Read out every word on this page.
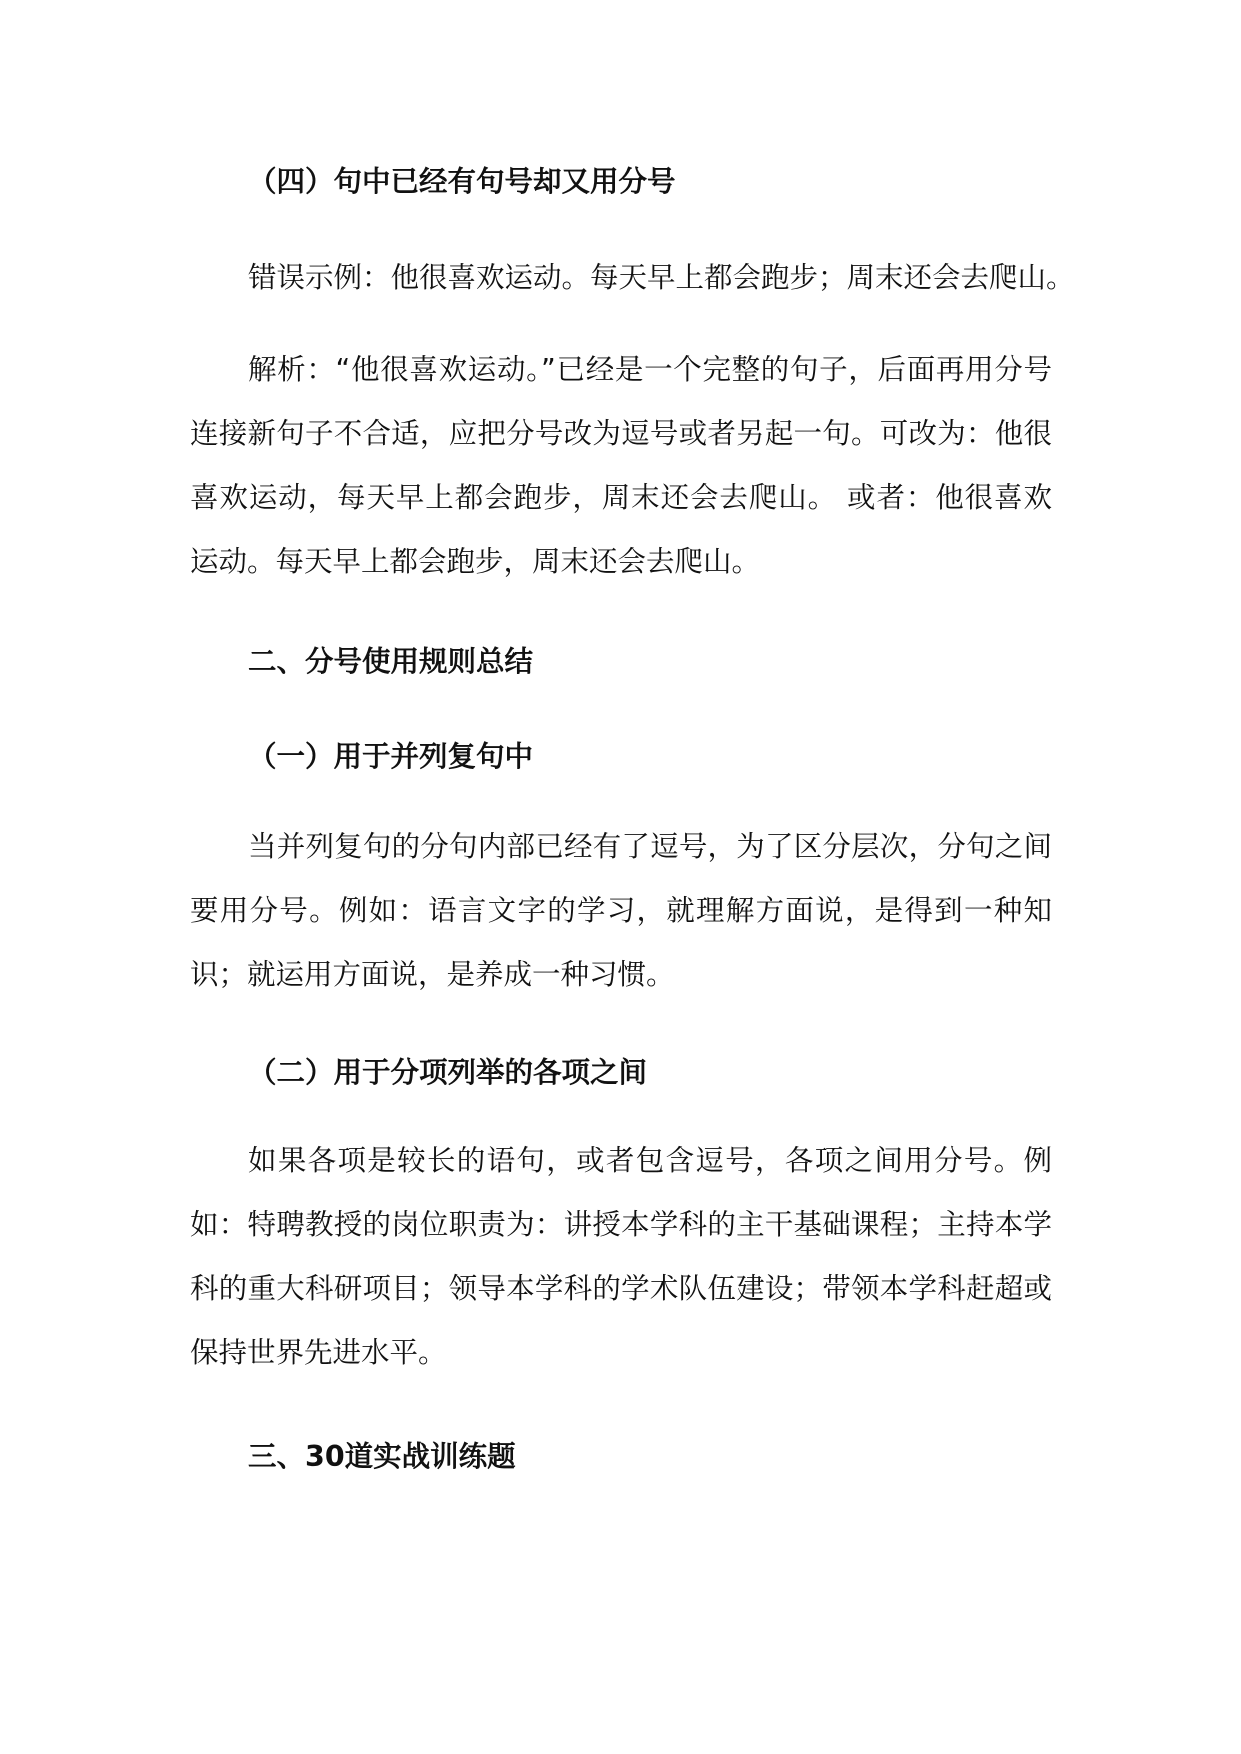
（四）句中已经有句号却又用分号
错误示例：他很喜欢运动。每天早上都会跑步；周末还会去爬山。
解析：“他很喜欢运动。”已经是一个完整的句子，后面再用分号连接新句子不合适，应把分号改为逗号或者另起一句。可改为：他很喜欢运动，每天早上都会跑步，周末还会去爬山。 或者：他很喜欢运动。每天早上都会跑步，周末还会去爬山。
二、分号使用规则总结
（一）用于并列复句中
当并列复句的分句内部已经有了逗号，为了区分层次，分句之间要用分号。例如：语言文字的学习，就理解方面说，是得到一种知识；就运用方面说，是养成一种习惯。
（二）用于分项列举的各项之间
如果各项是较长的语句，或者包含逗号，各项之间用分号。例如：特聘教授的岗位职责为：讲授本学科的主干基础课程；主持本学科的重大科研项目；领导本学科的学术队伍建设；带领本学科赶超或保持世界先进水平。
三、30道实战训练题
